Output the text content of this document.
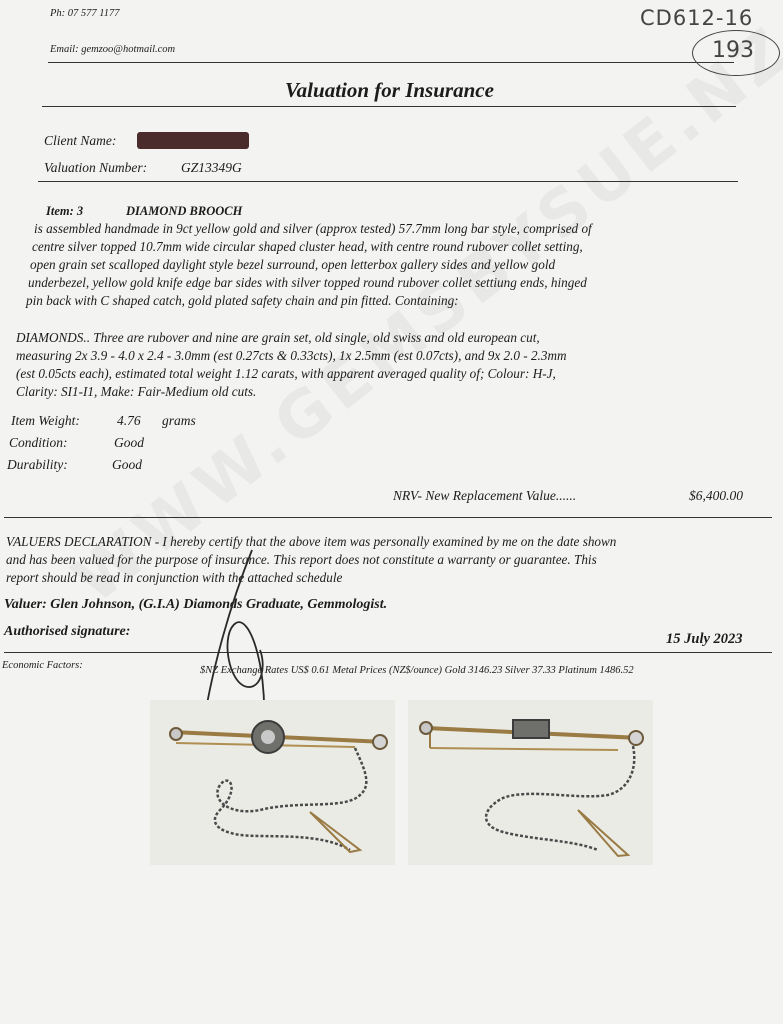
Ph: 07 577 1177
Email: gemzoo@hotmail.com
CD612-16
193
Valuation for Insurance
Client Name:
Valuation Number:	GZ13349G
Item: 3	DIAMOND BROOCH
is assembled handmade in 9ct yellow gold and silver (approx tested) 57.7mm long bar style, comprised of
centre silver topped 10.7mm wide circular shaped cluster head, with centre round rubover collet setting,
open grain set scalloped daylight style bezel surround, open letterbox gallery sides and yellow gold
underbezel, yellow gold knife edge bar sides with silver topped round rubover collet settiung ends, hinged
pin back with C shaped catch, gold plated safety chain and pin fitted. Containing:
DIAMONDS.. Three are rubover and nine are grain set, old single, old swiss and old european cut,
measuring 2x 3.9 - 4.0 x 2.4 - 3.0mm (est 0.27cts & 0.33cts), 1x 2.5mm (est 0.07cts), and 9x 2.0 - 2.3mm
(est 0.05cts each), estimated total weight 1.12 carats, with apparent averaged quality of; Colour: H-J,
Clarity: SI1-I1, Make: Fair-Medium old cuts.
Item Weight:	4.76 grams
Condition:	Good
Durability:	Good
NRV- New Replacement Value......	$6,400.00
VALUERS DECLARATION - I hereby certify that the above item was personally examined by me on the date shown
and has been valued for the purpose of insurance. This report does not constitute a warranty or guarantee. This
report should be read in conjunction with the attached schedule
Valuer: Glen Johnson, (G.I.A) Diamonds Graduate, Gemmologist.
Authorised signature:	15 July 2023
Economic Factors:	$NZ Exchange Rates US$ 0.61 Metal Prices (NZ$/ounce) Gold 3146.23 Silver 37.33 Platinum 1486.52
